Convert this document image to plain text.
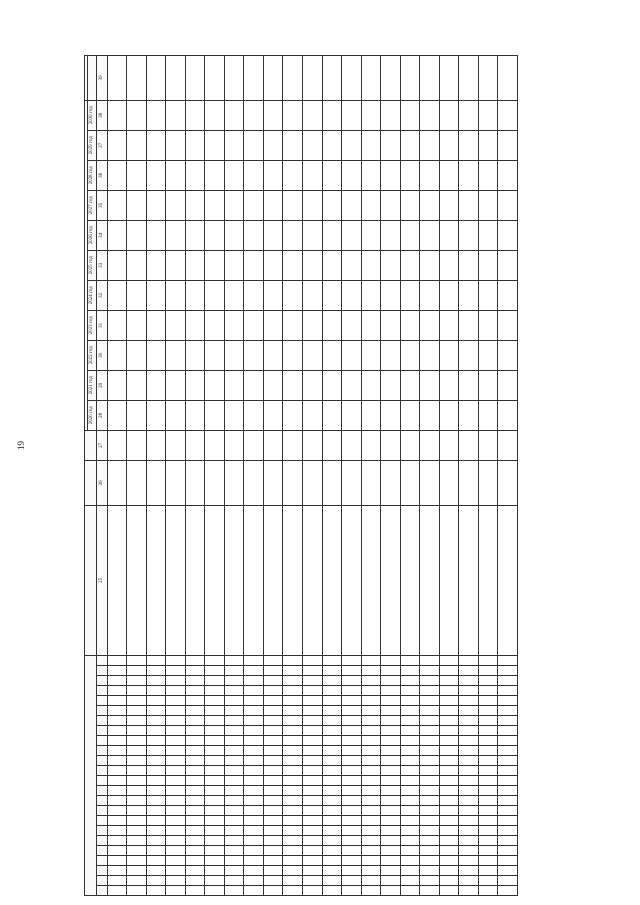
19

																											2020 год	2021 год	2022 год	2023 год	2024 год	2025 год	2026 год	2027 год	2028 год	2029 год	2030 год	
																								25	26	27	28	29	30	31	32	33	34	35	36	37	38	39
